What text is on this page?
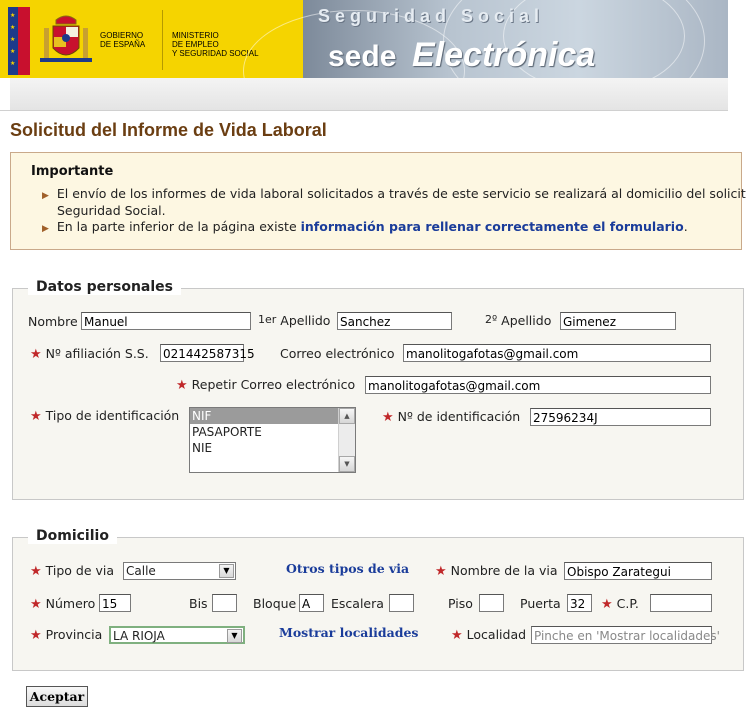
★
★
★
★
★
GOBIERNO
DE ESPAÑA
MINISTERIO
DE EMPLEO
Y SEGURIDAD SOCIAL
Seguridad Social
sede Electrónica
Solicitud del Informe de Vida Laboral
Importante
▶ El envío de los informes de vida laboral solicitados a través de este servicio se realizará al domicilio del solicit
Seguridad Social.
▶ En la parte inferior de la página existe información para rellenar correctamente el formulario.
Datos personales
Nombre Manuel	1er Apellido Sanchez	2º Apellido Gimenez
★ Nº afiliación S.S. 021442587315 Correo electrónico manolitogafotas@gmail.com
★ Repetir Correo electrónico manolitogafotas@gmail.com
★ Tipo de identificación NIF
PASAPORTE
NIE
▲
▼
★ Nº de identificación 27596234J
Domicilio
★ Tipo de via Calle	▼	Otros tipos de via ★ Nombre de la via Obispo Zarategui
★ Número 15	Bis	Bloque A	Escalera	Piso	Puerta 32	★ C.P.
★ Provincia LA RIOJA	▼	Mostrar localidades	★ Localidad Pinche en 'Mostrar localidades'
Aceptar
